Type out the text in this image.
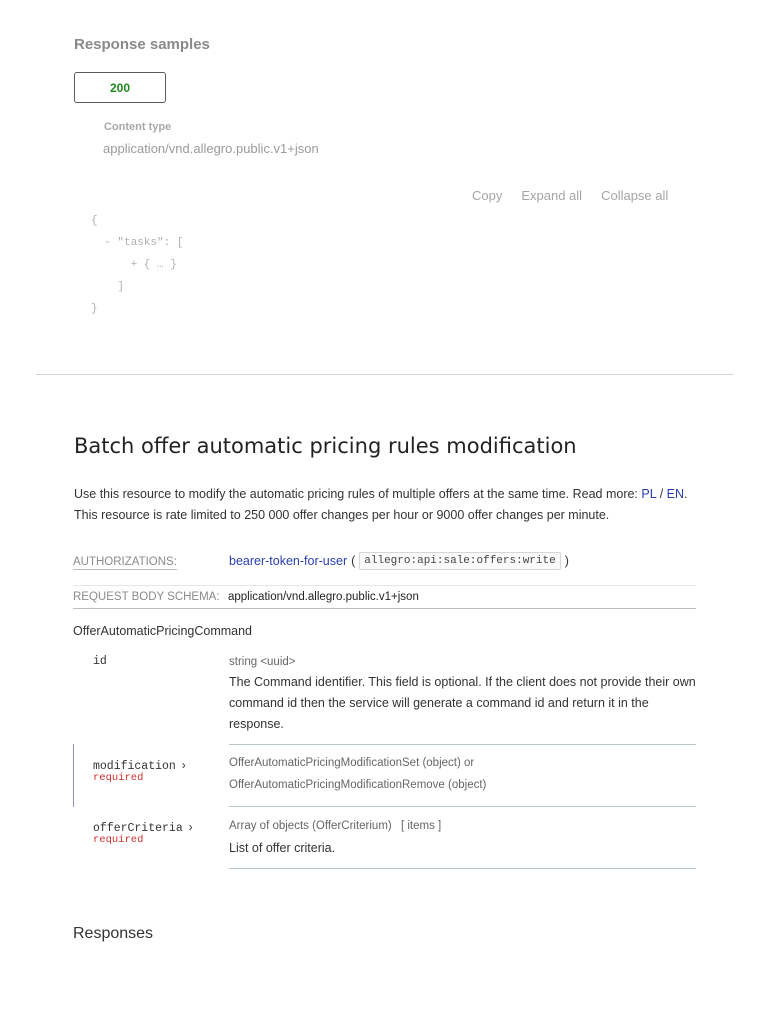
Response samples
200
Content type
application/vnd.allegro.public.v1+json
Copy Expand all Collapse all
{
- "tasks": [
+ { … }
]
}
Batch offer automatic pricing rules modification
Use this resource to modify the automatic pricing rules of multiple offers at the same time. Read more: PL / EN. This resource is rate limited to 250 000 offer changes per hour or 9000 offer changes per minute.
AUTHORIZATIONS:	bearer-token-for-user ( allegro:api:sale:offers:write )
REQUEST BODY SCHEMA: application/vnd.allegro.public.v1+json
OfferAutomaticPricingCommand
id	string <uuid>
The Command identifier. This field is optional. If the client does not provide their own command id then the service will generate a command id and return it in the response.
modification ›
required
OfferAutomaticPricingModificationSet (object) or
OfferAutomaticPricingModificationRemove (object)
offerCriteria ›
required
Array of objects (OfferCriterium) [ items ]
List of offer criteria.
Responses
